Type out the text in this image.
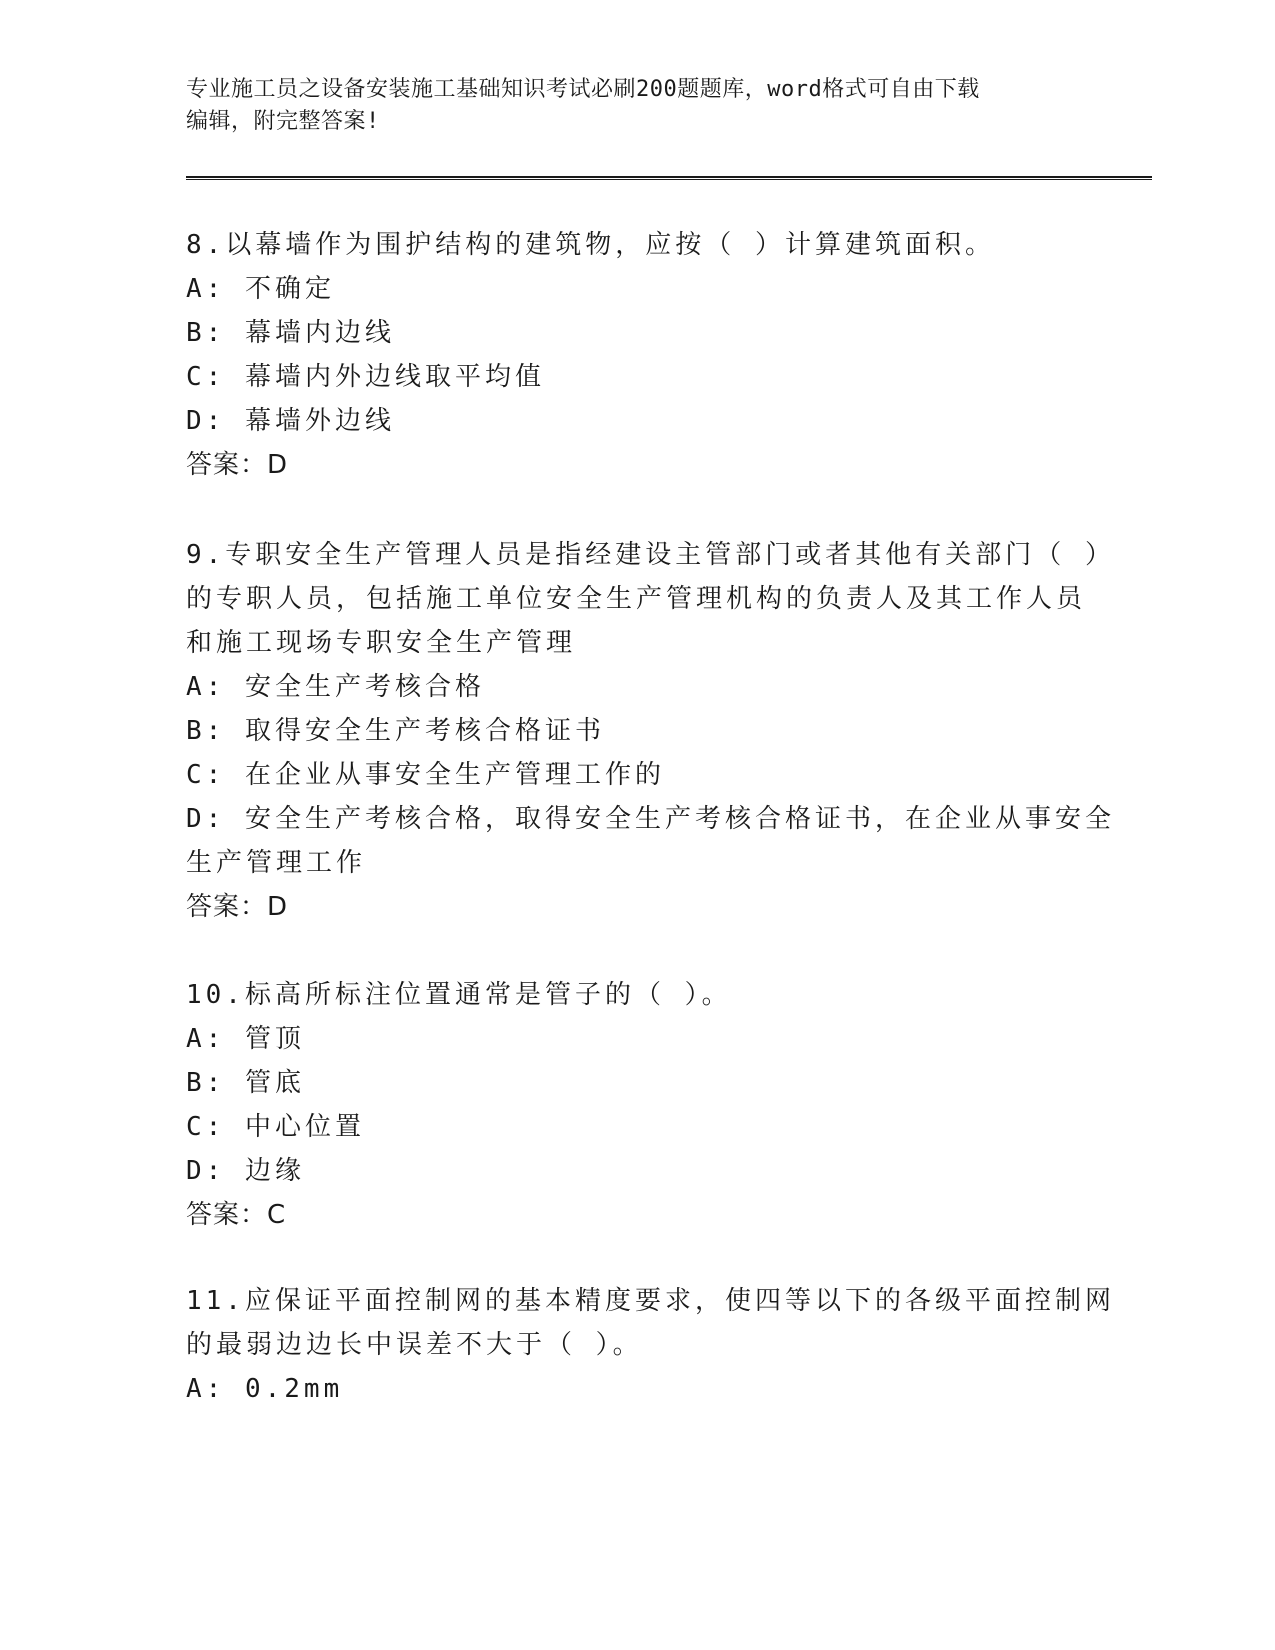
专业施工员之设备安装施工基础知识考试必刷200题题库，word格式可自由下载
编辑，附完整答案!
8.以幕墙作为围护结构的建筑物，应按（ ）计算建筑面积。
A: 不确定
B: 幕墙内边线
C: 幕墙内外边线取平均值
D: 幕墙外边线
答案：D
9.专职安全生产管理人员是指经建设主管部门或者其他有关部门（ ）
的专职人员，包括施工单位安全生产管理机构的负责人及其工作人员
和施工现场专职安全生产管理
A: 安全生产考核合格
B: 取得安全生产考核合格证书
C: 在企业从事安全生产管理工作的
D: 安全生产考核合格，取得安全生产考核合格证书，在企业从事安全
生产管理工作
答案：D
10.标高所标注位置通常是管子的（ ）。
A: 管顶
B: 管底
C: 中心位置
D: 边缘
答案：C
11.应保证平面控制网的基本精度要求，使四等以下的各级平面控制网
的最弱边边长中误差不大于（ ）。
A: 0.2mm
